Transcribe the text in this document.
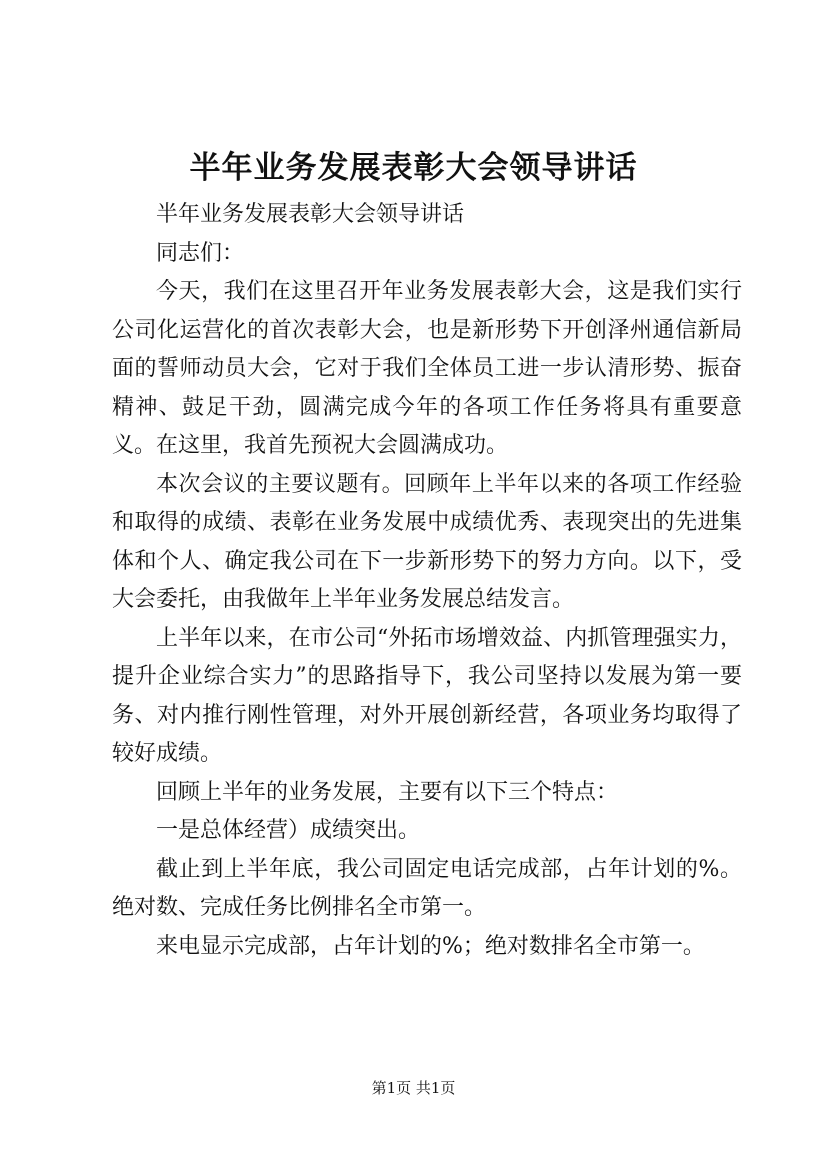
半年业务发展表彰大会领导讲话

半年业务发展表彰大会领导讲话

同志们：

今天，我们在这里召开年业务发展表彰大会，这是我们实行公司化运营化的首次表彰大会，也是新形势下开创泽州通信新局面的誓师动员大会，它对于我们全体员工进一步认清形势、振奋精神、鼓足干劲，圆满完成今年的各项工作任务将具有重要意义。在这里，我首先预祝大会圆满成功。

本次会议的主要议题有。回顾年上半年以来的各项工作经验和取得的成绩、表彰在业务发展中成绩优秀、表现突出的先进集体和个人、确定我公司在下一步新形势下的努力方向。以下，受大会委托，由我做年上半年业务发展总结发言。

上半年以来，在市公司“外拓市场增效益、内抓管理强实力，提升企业综合实力”的思路指导下，我公司坚持以发展为第一要务、对内推行刚性管理，对外开展创新经营，各项业务均取得了较好成绩。

回顾上半年的业务发展，主要有以下三个特点：

一是总体经营）成绩突出。

截止到上半年底，我公司固定电话完成部，占年计划的%。绝对数、完成任务比例排名全市第一。

来电显示完成部，占年计划的%；绝对数排名全市第一。

第1页 共1页
